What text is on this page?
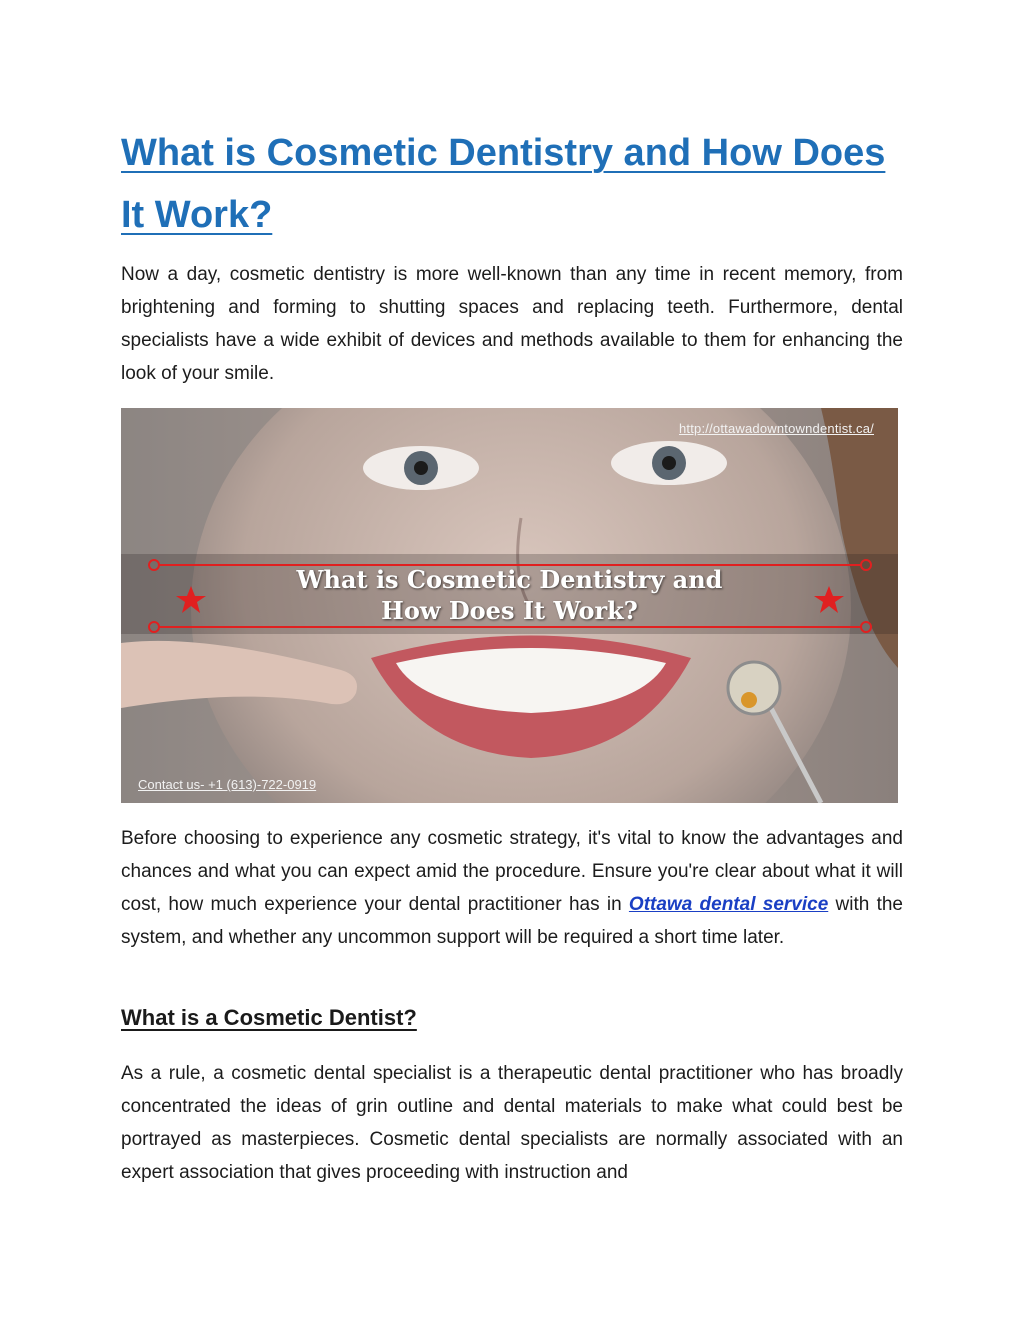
What is Cosmetic Dentistry and How Does It Work?

Now a day, cosmetic dentistry is more well-known than any time in recent memory, from brightening and forming to shutting spaces and replacing teeth. Furthermore, dental specialists have a wide exhibit of devices and methods available to them for enhancing the look of your smile.

http://ottawadowntowndentist.ca/
What is Cosmetic Dentistry and
How Does It Work?
Contact us- +1 (613)-722-0919

Before choosing to experience any cosmetic strategy, it's vital to know the advantages and chances and what you can expect amid the procedure. Ensure you're clear about what it will cost, how much experience your dental practitioner has in Ottawa dental service with the system, and whether any uncommon support will be required a short time later.

What is a Cosmetic Dentist?

As a rule, a cosmetic dental specialist is a therapeutic dental practitioner who has broadly concentrated the ideas of grin outline and dental materials to make what could best be portrayed as masterpieces. Cosmetic dental specialists are normally associated with an expert association that gives proceeding with instruction and
